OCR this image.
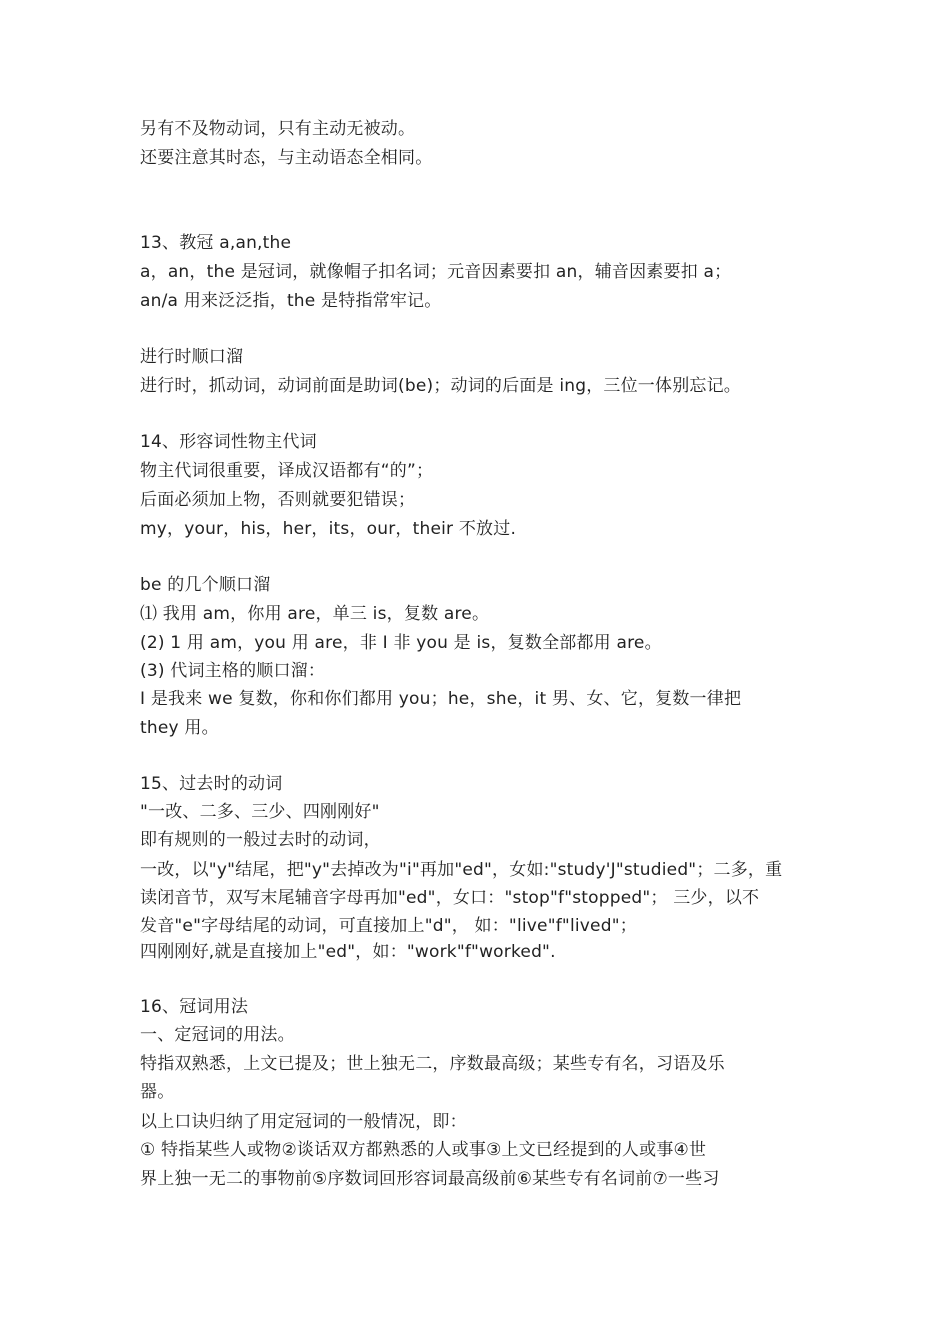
另有不及物动词，只有主动无被动。
还要注意其时态，与主动语态全相同。
13、教冠 a,an,the
a，an，the 是冠词，就像帽子扣名词；元音因素要扣 an，辅音因素要扣 a；
an/a 用来泛泛指，the 是特指常牢记。
进行时顺口溜
进行时，抓动词，动词前面是助词(be)；动词的后面是 ing，三位一体别忘记。
14、形容词性物主代词
物主代词很重要，译成汉语都有“的”；
后面必须加上物，否则就要犯错误；
my，your，his，her，its，our，their 不放过.
be 的几个顺口溜
⑴ 我用 am，你用 are，单三 is，复数 are。
(2) 1 用 am，you 用 are，非 I 非 you 是 is，复数全部都用 are。
(3) 代词主格的顺口溜：
I 是我来 we 复数，你和你们都用 you；he，she，it 男、女、它，复数一律把
they 用。
15、过去时的动词
"一改、二多、三少、四刚刚好"
即有规则的一般过去时的动词，
一改，以"y"结尾，把"y"去掉改为"i"再加"ed"，女如:"study'J"studied"；二多，重
读闭音节，双写末尾辅音字母再加"ed"，女口："stop"f"stopped"； 三少，以不
发音"e"字母结尾的动词，可直接加上"d"， 如："live"f"lived"；
四刚刚好,就是直接加上"ed"，如："work"f"worked".
16、冠词用法
一、定冠词的用法。
特指双熟悉，上文已提及；世上独无二，序数最高级；某些专有名，习语及乐
器。
以上口诀归纳了用定冠词的一般情况，即：
① 特指某些人或物②谈话双方都熟悉的人或事③上文已经提到的人或事④世
界上独一无二的事物前⑤序数词回形容词最高级前⑥某些专有名词前⑦一些习
